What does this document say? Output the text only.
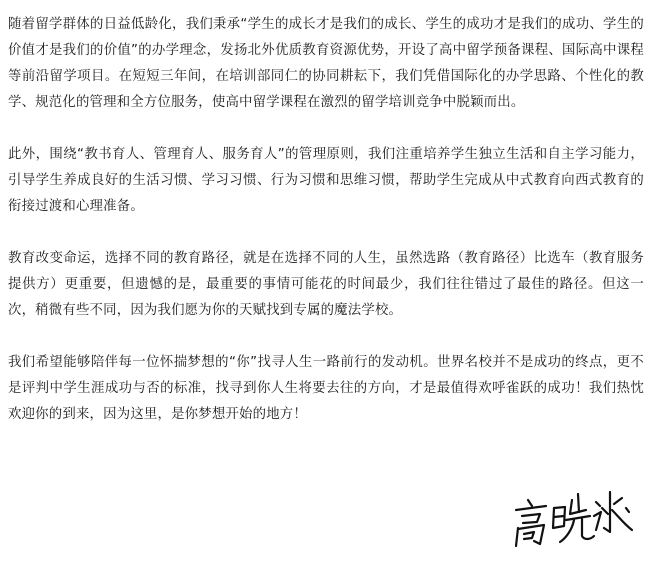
随着留学群体的日益低龄化，我们秉承“学生的成长才是我们的成长、学生的成功才是我们的成功、学生的价值才是我们的价值”的办学理念，发扬北外优质教育资源优势，开设了高中留学预备课程、国际高中课程等前沿留学项目。在短短三年间，在培训部同仁的协同耕耘下，我们凭借国际化的办学思路、个性化的教学、规范化的管理和全方位服务，使高中留学课程在激烈的留学培训竞争中脱颖而出。

此外，围绕“教书育人、管理育人、服务育人”的管理原则，我们注重培养学生独立生活和自主学习能力，引导学生养成良好的生活习惯、学习习惯、行为习惯和思维习惯，帮助学生完成从中式教育向西式教育的衔接过渡和心理准备。

教育改变命运，选择不同的教育路径，就是在选择不同的人生，虽然选路（教育路径）比选车（教育服务提供方）更重要，但遗憾的是，最重要的事情可能花的时间最少，我们往往错过了最佳的路径。但这一次，稍微有些不同，因为我们愿为你的天赋找到专属的魔法学校。

我们希望能够陪伴每一位怀揣梦想的“你”找寻人生一路前行的发动机。世界名校并不是成功的终点，更不是评判中学生涯成功与否的标准，找寻到你人生将要去往的方向，才是最值得欢呼雀跃的成功！我们热忱欢迎你的到来，因为这里，是你梦想开始的地方！
